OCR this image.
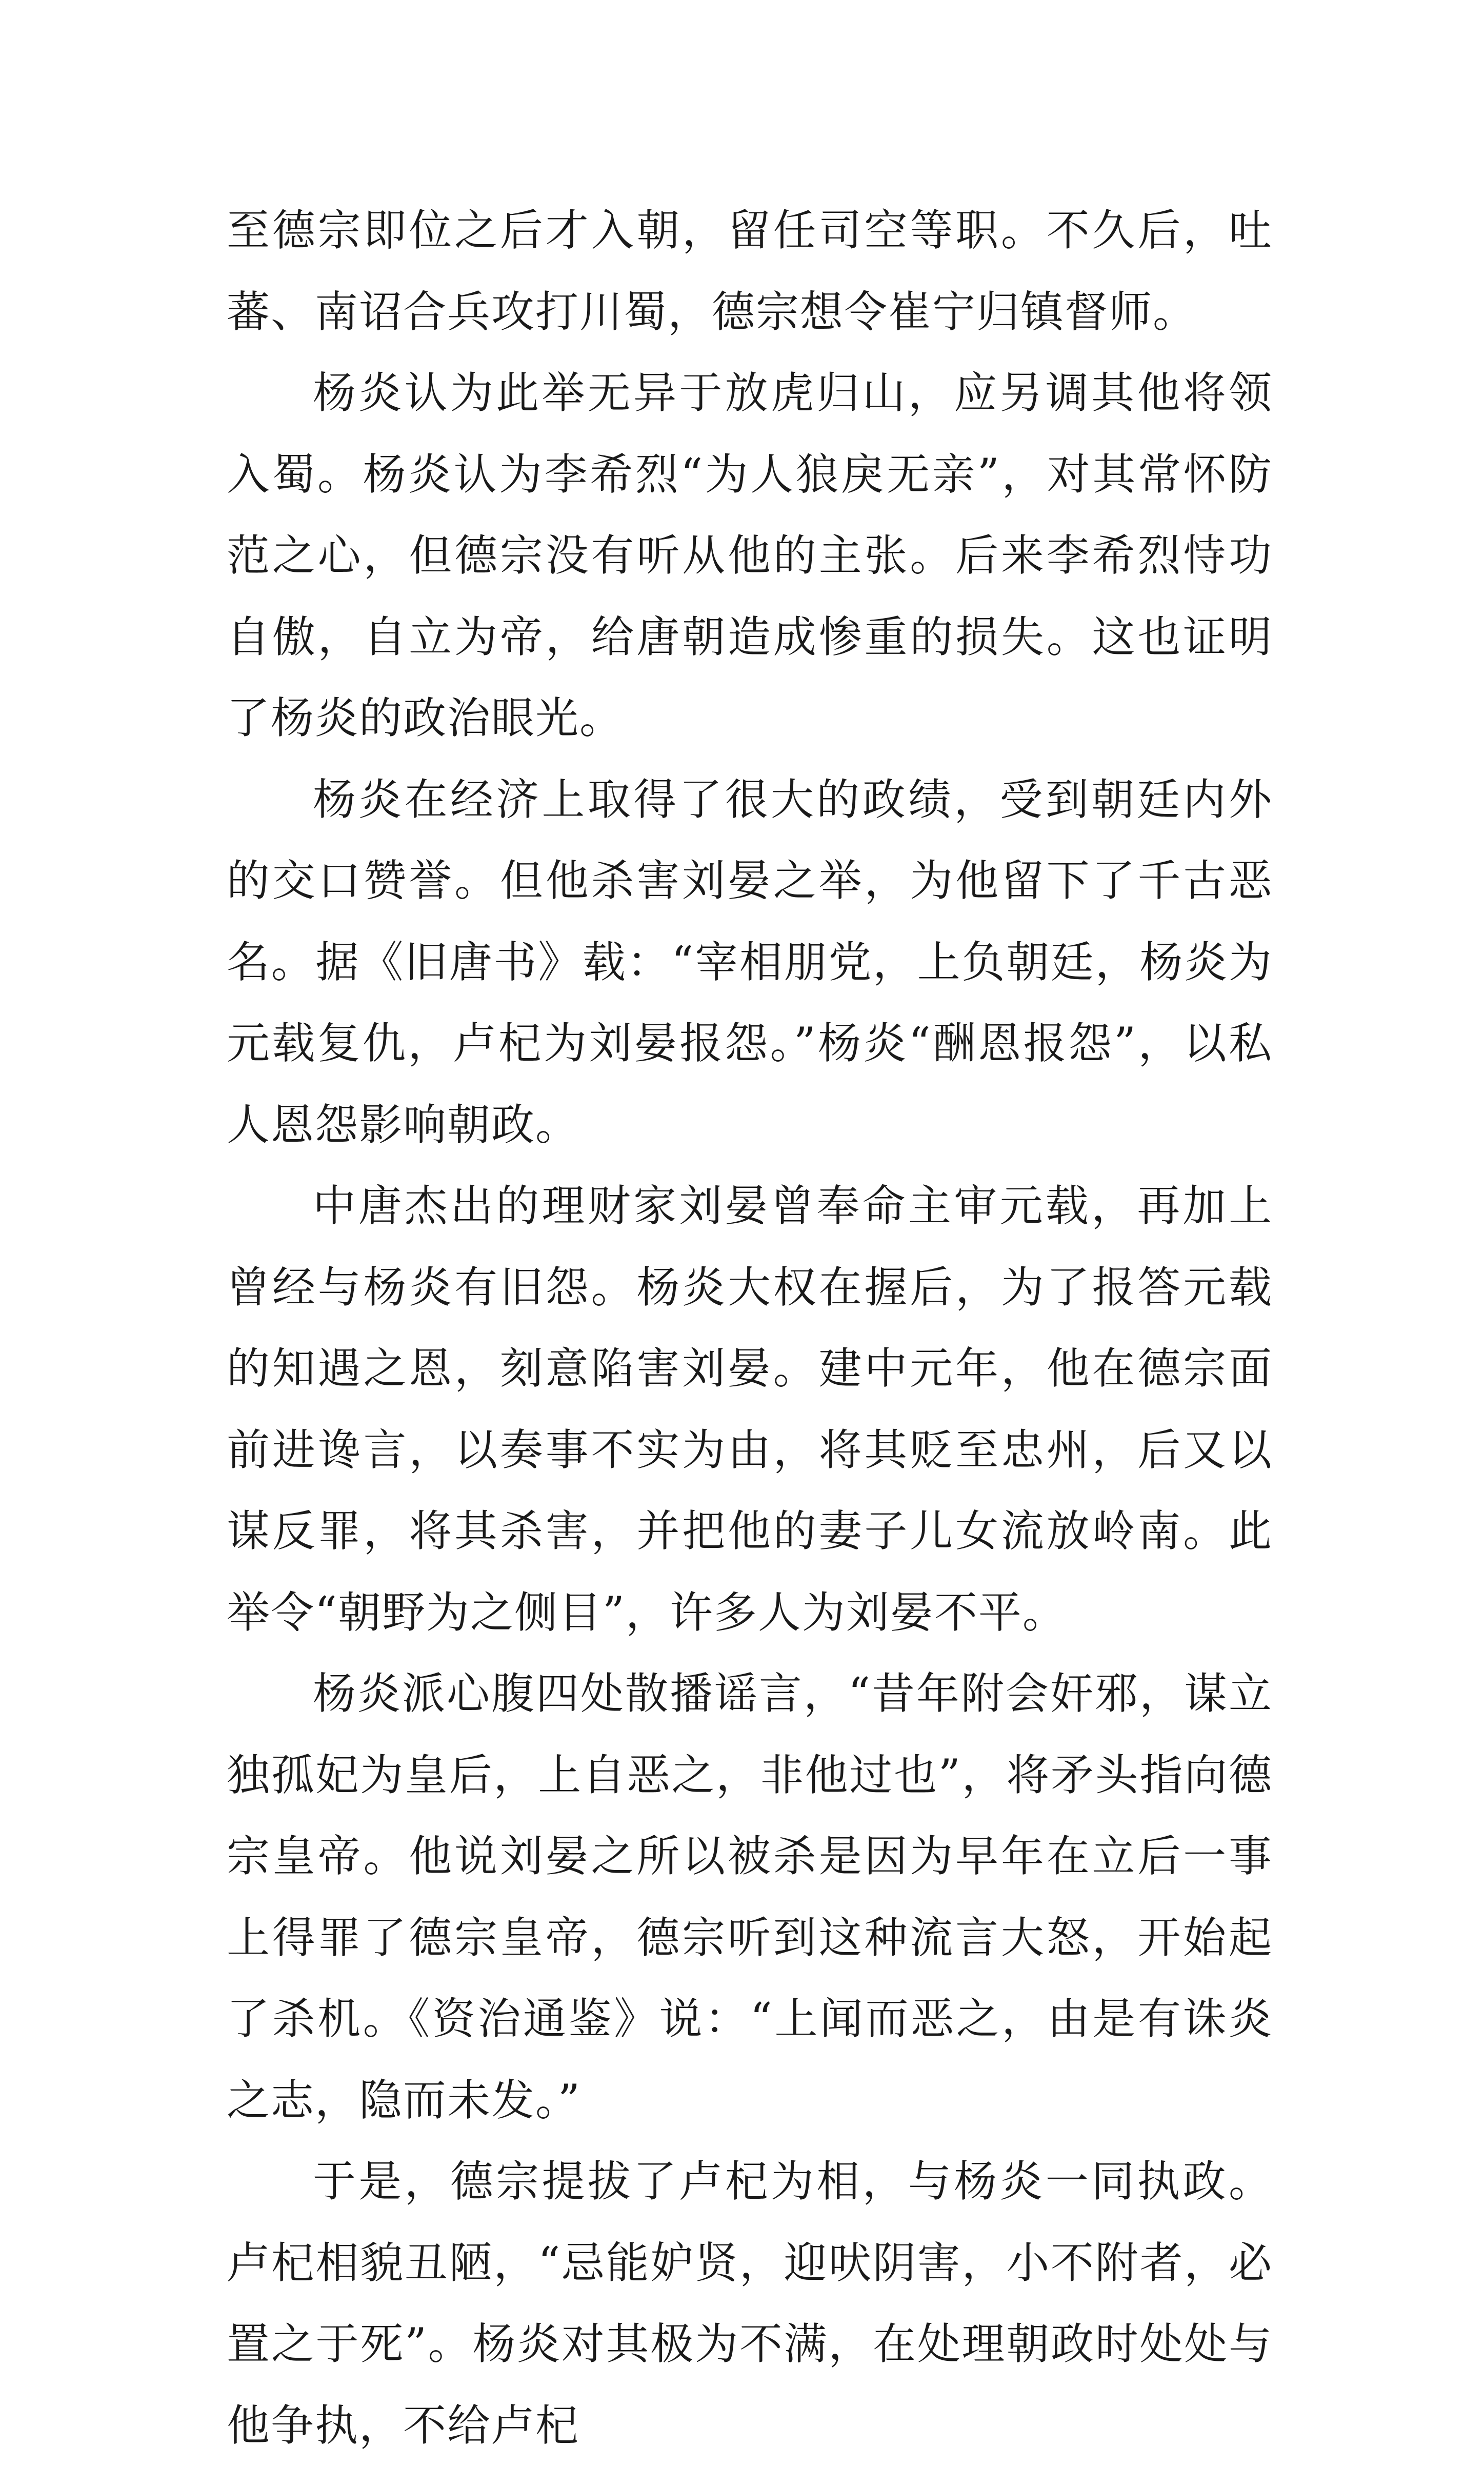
至德宗即位之后才入朝，留任司空等职。不久后，吐蕃、南诏合兵攻打川蜀，德宗想令崔宁归镇督师。

杨炎认为此举无异于放虎归山，应另调其他将领入蜀。杨炎认为李希烈“为人狼戾无亲”，对其常怀防范之心，但德宗没有听从他的主张。后来李希烈恃功自傲，自立为帝，给唐朝造成惨重的损失。这也证明了杨炎的政治眼光。

杨炎在经济上取得了很大的政绩，受到朝廷内外的交口赞誉。但他杀害刘晏之举，为他留下了千古恶名。据《旧唐书》载：“宰相朋党，上负朝廷，杨炎为元载复仇，卢杞为刘晏报怨。”杨炎“酬恩报怨”，以私人恩怨影响朝政。

中唐杰出的理财家刘晏曾奉命主审元载，再加上曾经与杨炎有旧怨。杨炎大权在握后，为了报答元载的知遇之恩，刻意陷害刘晏。建中元年，他在德宗面前进谗言，以奏事不实为由，将其贬至忠州，后又以谋反罪，将其杀害，并把他的妻子儿女流放岭南。此举令“朝野为之侧目”，许多人为刘晏不平。

杨炎派心腹四处散播谣言，“昔年附会奸邪，谋立独孤妃为皇后，上自恶之，非他过也”，将矛头指向德宗皇帝。他说刘晏之所以被杀是因为早年在立后一事上得罪了德宗皇帝，德宗听到这种流言大怒，开始起了杀机。《资治通鉴》说：“上闻而恶之，由是有诛炎之志，隐而未发。”

于是，德宗提拔了卢杞为相，与杨炎一同执政。卢杞相貌丑陋，“忌能妒贤，迎吠阴害，小不附者，必置之于死”。杨炎对其极为不满，在处理朝政时处处与他争执，不给卢杞
